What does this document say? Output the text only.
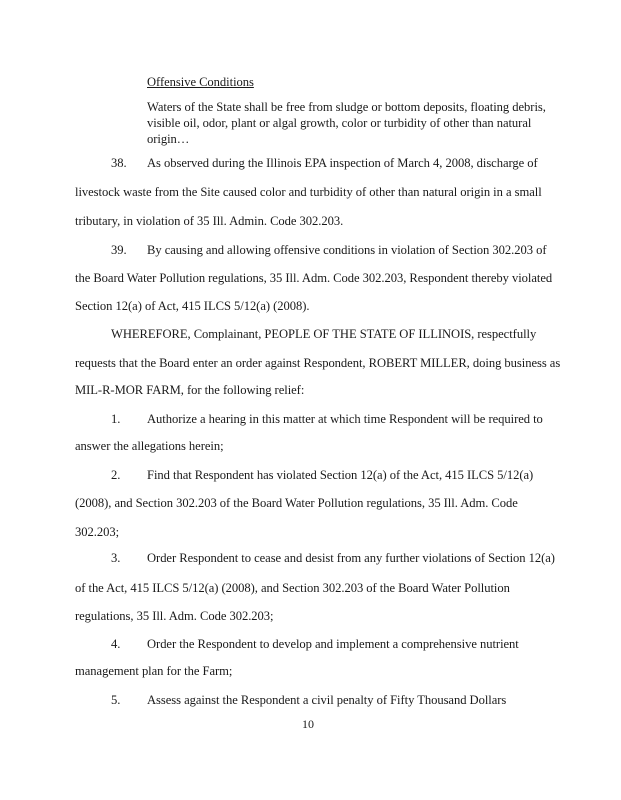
Offensive Conditions
Waters of the State shall be free from sludge or bottom deposits, floating debris,
visible oil, odor, plant or algal growth, color or turbidity of other than natural
origin…
38. As observed during the Illinois EPA inspection of March 4, 2008, discharge of
livestock waste from the Site caused color and turbidity of other than natural origin in a small
tributary, in violation of 35 Ill. Admin. Code 302.203.
39. By causing and allowing offensive conditions in violation of Section 302.203 of
the Board Water Pollution regulations, 35 Ill. Adm. Code 302.203, Respondent thereby violated
Section 12(a) of Act, 415 ILCS 5/12(a) (2008).
WHEREFORE, Complainant, PEOPLE OF THE STATE OF ILLINOIS, respectfully
requests that the Board enter an order against Respondent, ROBERT MILLER, doing business as
MIL-R-MOR FARM, for the following relief:
1. Authorize a hearing in this matter at which time Respondent will be required to
answer the allegations herein;
2. Find that Respondent has violated Section 12(a) of the Act, 415 ILCS 5/12(a)
(2008), and Section 302.203 of the Board Water Pollution regulations, 35 Ill. Adm. Code
302.203;
3. Order Respondent to cease and desist from any further violations of Section 12(a)
of the Act, 415 ILCS 5/12(a) (2008), and Section 302.203 of the Board Water Pollution
regulations, 35 Ill. Adm. Code 302.203;
4. Order the Respondent to develop and implement a comprehensive nutrient
management plan for the Farm;
5. Assess against the Respondent a civil penalty of Fifty Thousand Dollars
10
